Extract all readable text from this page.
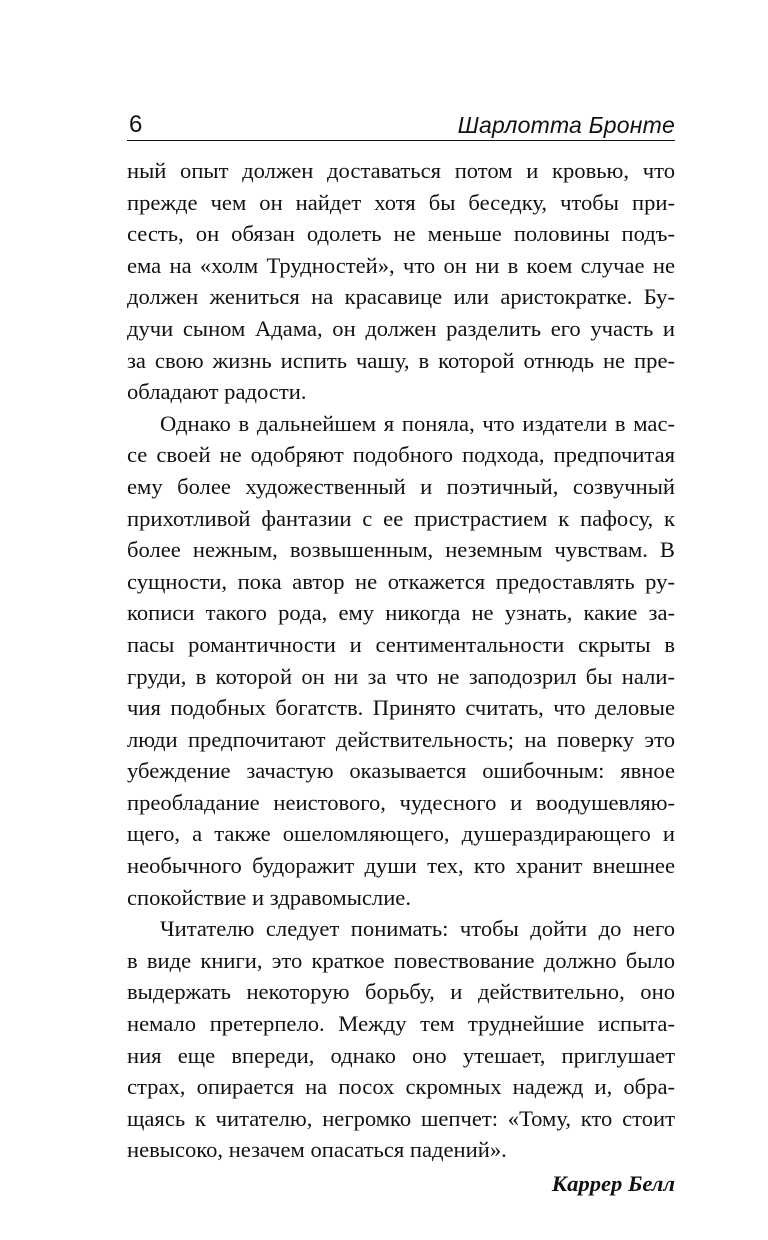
6	Шарлотта Бронте
ный опыт должен доставаться потом и кровью, что
прежде чем он найдет хотя бы беседку, чтобы при-
сесть, он обязан одолеть не меньше половины подъ-
ема на «холм Трудностей», что он ни в коем случае не
должен жениться на красавице или аристократке. Бу-
дучи сыном Адама, он должен разделить его участь и
за свою жизнь испить чашу, в которой отнюдь не пре-
обладают радости.
Однако в дальнейшем я поняла, что издатели в мас-
се своей не одобряют подобного подхода, предпочитая
ему более художественный и поэтичный, созвучный
прихотливой фантазии с ее пристрастием к пафосу, к
более нежным, возвышенным, неземным чувствам. В
сущности, пока автор не откажется предоставлять ру-
кописи такого рода, ему никогда не узнать, какие за-
пасы романтичности и сентиментальности скрыты в
груди, в которой он ни за что не заподозрил бы нали-
чия подобных богатств. Принято считать, что деловые
люди предпочитают действительность; на поверку это
убеждение зачастую оказывается ошибочным: явное
преобладание неистового, чудесного и воодушевляю-
щего, а также ошеломляющего, душераздирающего и
необычного будоражит души тех, кто хранит внешнее
спокойствие и здравомыслие.
Читателю следует понимать: чтобы дойти до него
в виде книги, это краткое повествование должно было
выдержать некоторую борьбу, и действительно, оно
немало претерпело. Между тем труднейшие испыта-
ния еще впереди, однако оно утешает, приглушает
страх, опирается на посох скромных надежд и, обра-
щаясь к читателю, негромко шепчет: «Тому, кто стоит
невысоко, незачем опасаться падений».
Каррер Белл
